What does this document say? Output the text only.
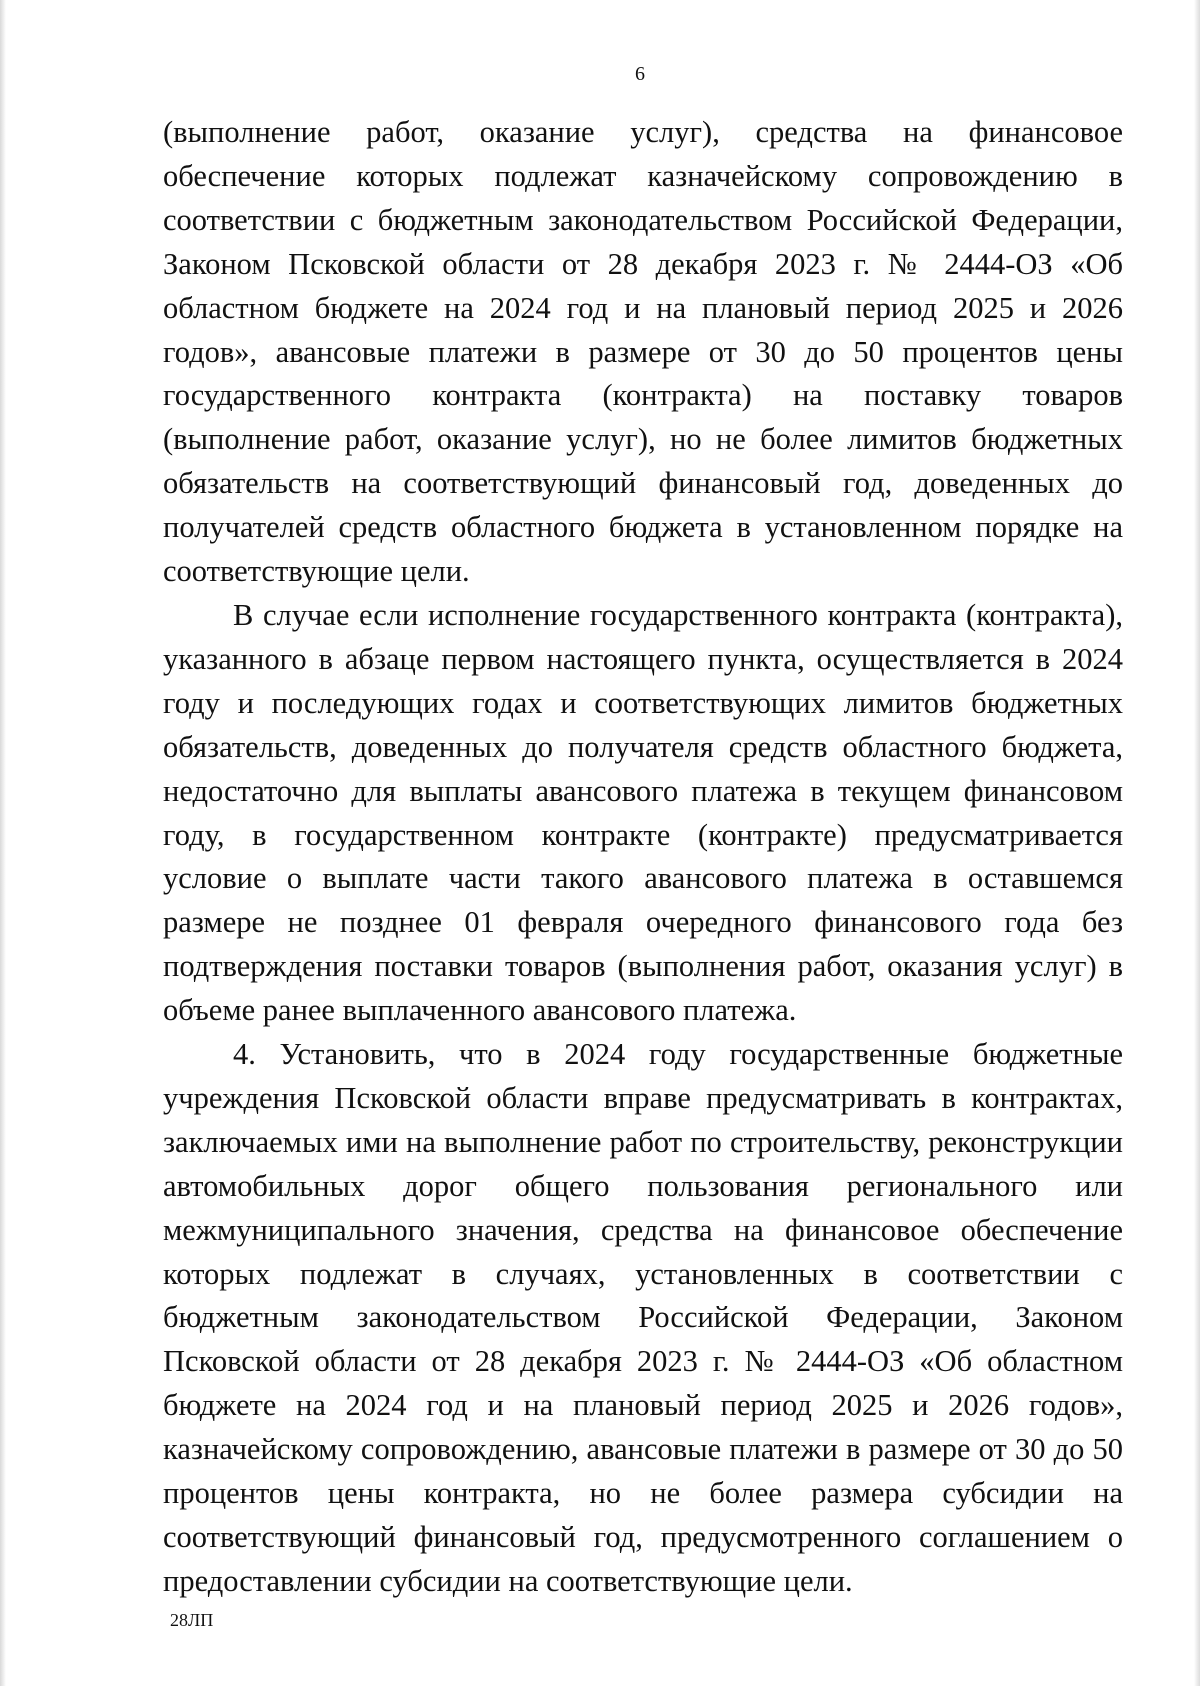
6

(выполнение работ, оказание услуг), средства на финансовое обеспечение которых подлежат казначейскому сопровождению в соответствии с бюджетным законодательством Российской Федерации, Законом Псковской области от 28 декабря 2023 г. № 2444-ОЗ «Об областном бюджете на 2024 год и на плановый период 2025 и 2026 годов», авансовые платежи в размере от 30 до 50 процентов цены государственного контракта (контракта) на поставку товаров (выполнение работ, оказание услуг), но не более лимитов бюджетных обязательств на соответствующий финансовый год, доведенных до получателей средств областного бюджета в установленном порядке на соответствующие цели.

В случае если исполнение государственного контракта (контракта), указанного в абзаце первом настоящего пункта, осуществляется в 2024 году и последующих годах и соответствующих лимитов бюджетных обязательств, доведенных до получателя средств областного бюджета, недостаточно для выплаты авансового платежа в текущем финансовом году, в государственном контракте (контракте) предусматривается условие о выплате части такого авансового платежа в оставшемся размере не позднее 01 февраля очередного финансового года без подтверждения поставки товаров (выполнения работ, оказания услуг) в объеме ранее выплаченного авансового платежа.

4. Установить, что в 2024 году государственные бюджетные учреждения Псковской области вправе предусматривать в контрактах, заключаемых ими на выполнение работ по строительству, реконструкции автомобильных дорог общего пользования регионального или межмуниципального значения, средства на финансовое обеспечение которых подлежат в случаях, установленных в соответствии с бюджетным законодательством Российской Федерации, Законом Псковской области от 28 декабря 2023 г. № 2444-ОЗ «Об областном бюджете на 2024 год и на плановый период 2025 и 2026 годов», казначейскому сопровождению, авансовые платежи в размере от 30 до 50 процентов цены контракта, но не более размера субсидии на соответствующий финансовый год, предусмотренного соглашением о предоставлении субсидии на соответствующие цели.

28ЛП
